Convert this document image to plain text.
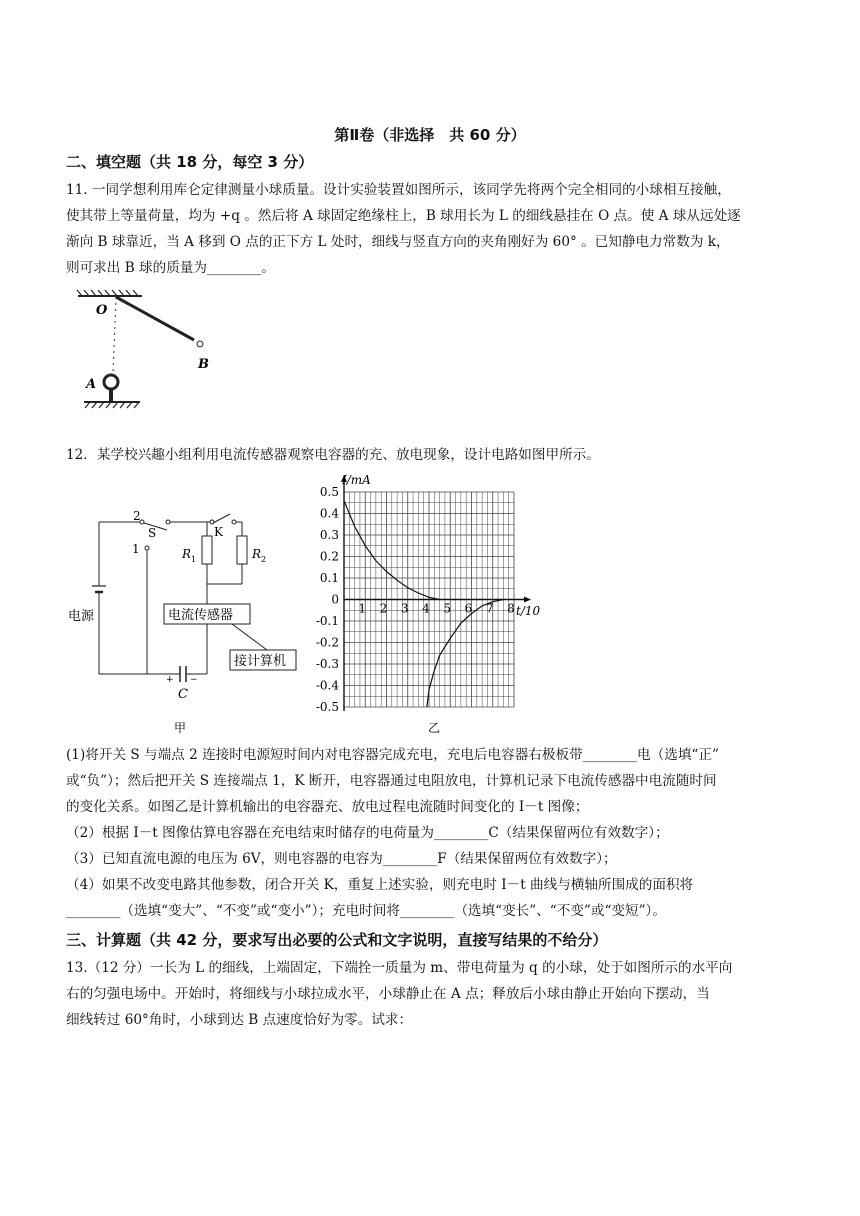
第Ⅱ卷（非选择　共 60 分）
二、填空题（共 18 分，每空 3 分）
11. 一同学想利用库仑定律测量小球质量。设计实验装置如图所示，该同学先将两个完全相同的小球相互接触，
使其带上等量荷量，均为 +q 。然后将 A 球固定绝缘柱上，B 球用长为 L 的细线悬挂在 O 点。使 A 球从远处逐
渐向 B 球靠近，当 A 移到 O 点的正下方 L 处时，细线与竖直方向的夹角刚好为 60° 。已知静电力常数为 k，
则可求出 B 球的质量为________。
O
A
B
12．某学校兴趣小组利用电流传感器观察电容器的充、放电现象，设计电路如图甲所示。
2
S
1
K
R 1	R 2
电源	电流传感器
接计算机
+ −
C
甲
0.5
0.4
0.3
0.2
0.1
0
-0.1
-0.2
-0.3
-0.4
-0.5
1 2 3 4 5 6 7 8
I/mA
t/10
乙
(1)将开关 S 与端点 2 连接时电源短时间内对电容器完成充电，充电后电容器右极板带________电（选填“正”
或“负”）；然后把开关 S 连接端点 1，K 断开，电容器通过电阻放电，计算机记录下电流传感器中电流随时间
的变化关系。如图乙是计算机输出的电容器充、放电过程电流随时间变化的 I－t 图像；
（2）根据 I－t 图像估算电容器在充电结束时储存的电荷量为________C（结果保留两位有效数字）；
（3）已知直流电源的电压为 6V，则电容器的电容为________F（结果保留两位有效数字）；
（4）如果不改变电路其他参数，闭合开关 K，重复上述实验，则充电时 I－t 曲线与横轴所围成的面积将
________（选填“变大”、“不变”或“变小”）；充电时间将________（选填“变长”、“不变”或“变短”）。
三、计算题（共 42 分，要求写出必要的公式和文字说明，直接写结果的不给分）
13.（12 分）一长为 L 的细线，上端固定，下端拴一质量为 m、带电荷量为 q 的小球，处于如图所示的水平向
右的匀强电场中。开始时，将细线与小球拉成水平，小球静止在 A 点；释放后小球由静止开始向下摆动，当
细线转过 60°角时，小球到达 B 点速度恰好为零。试求：
